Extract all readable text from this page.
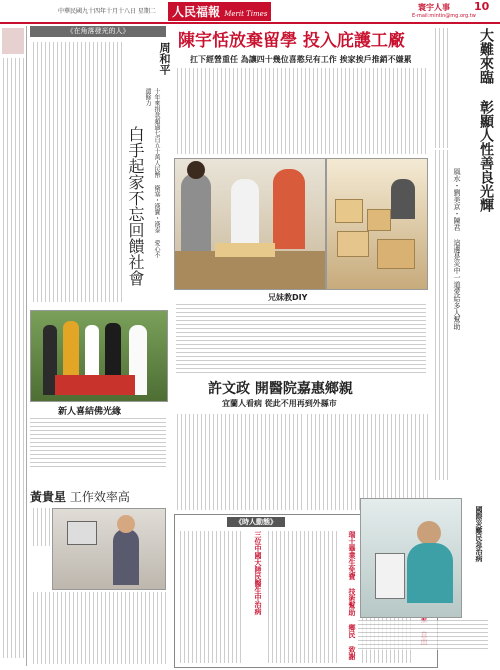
中華民國九十四年十月十八日 星期二	人民福報 Merit Times
寰宇人事 10
E-mail:mintin@mg.org.tw
《在角落發光的人》
周和平
十年來捐款超過七百五十萬人民幣 衛塞・漢寶・漢泰 愛心不遺餘力
白手起家不忘回饋社會
新人喜結佛光緣
黃貴星 工作效率高
陳宇恬放棄留學 投入庇護工廠
扛下經營重任 為讓四十幾位喜憨兒有工作 挨家挨戶推銷不嫌累
兄妹教DIY
許文政 開醫院嘉惠鄉親
宜蘭人看病 從此不用再到外縣市
《時人動態》
三位中國大陸民醫生中治病
瑞士畢業生免費 技術幫助 鄉民 致謝
大難來臨 彰顯人性善良光輝
風水・劉美京・陳君 這邊是災中一道愛給多人幫助
國際災難民急治病
